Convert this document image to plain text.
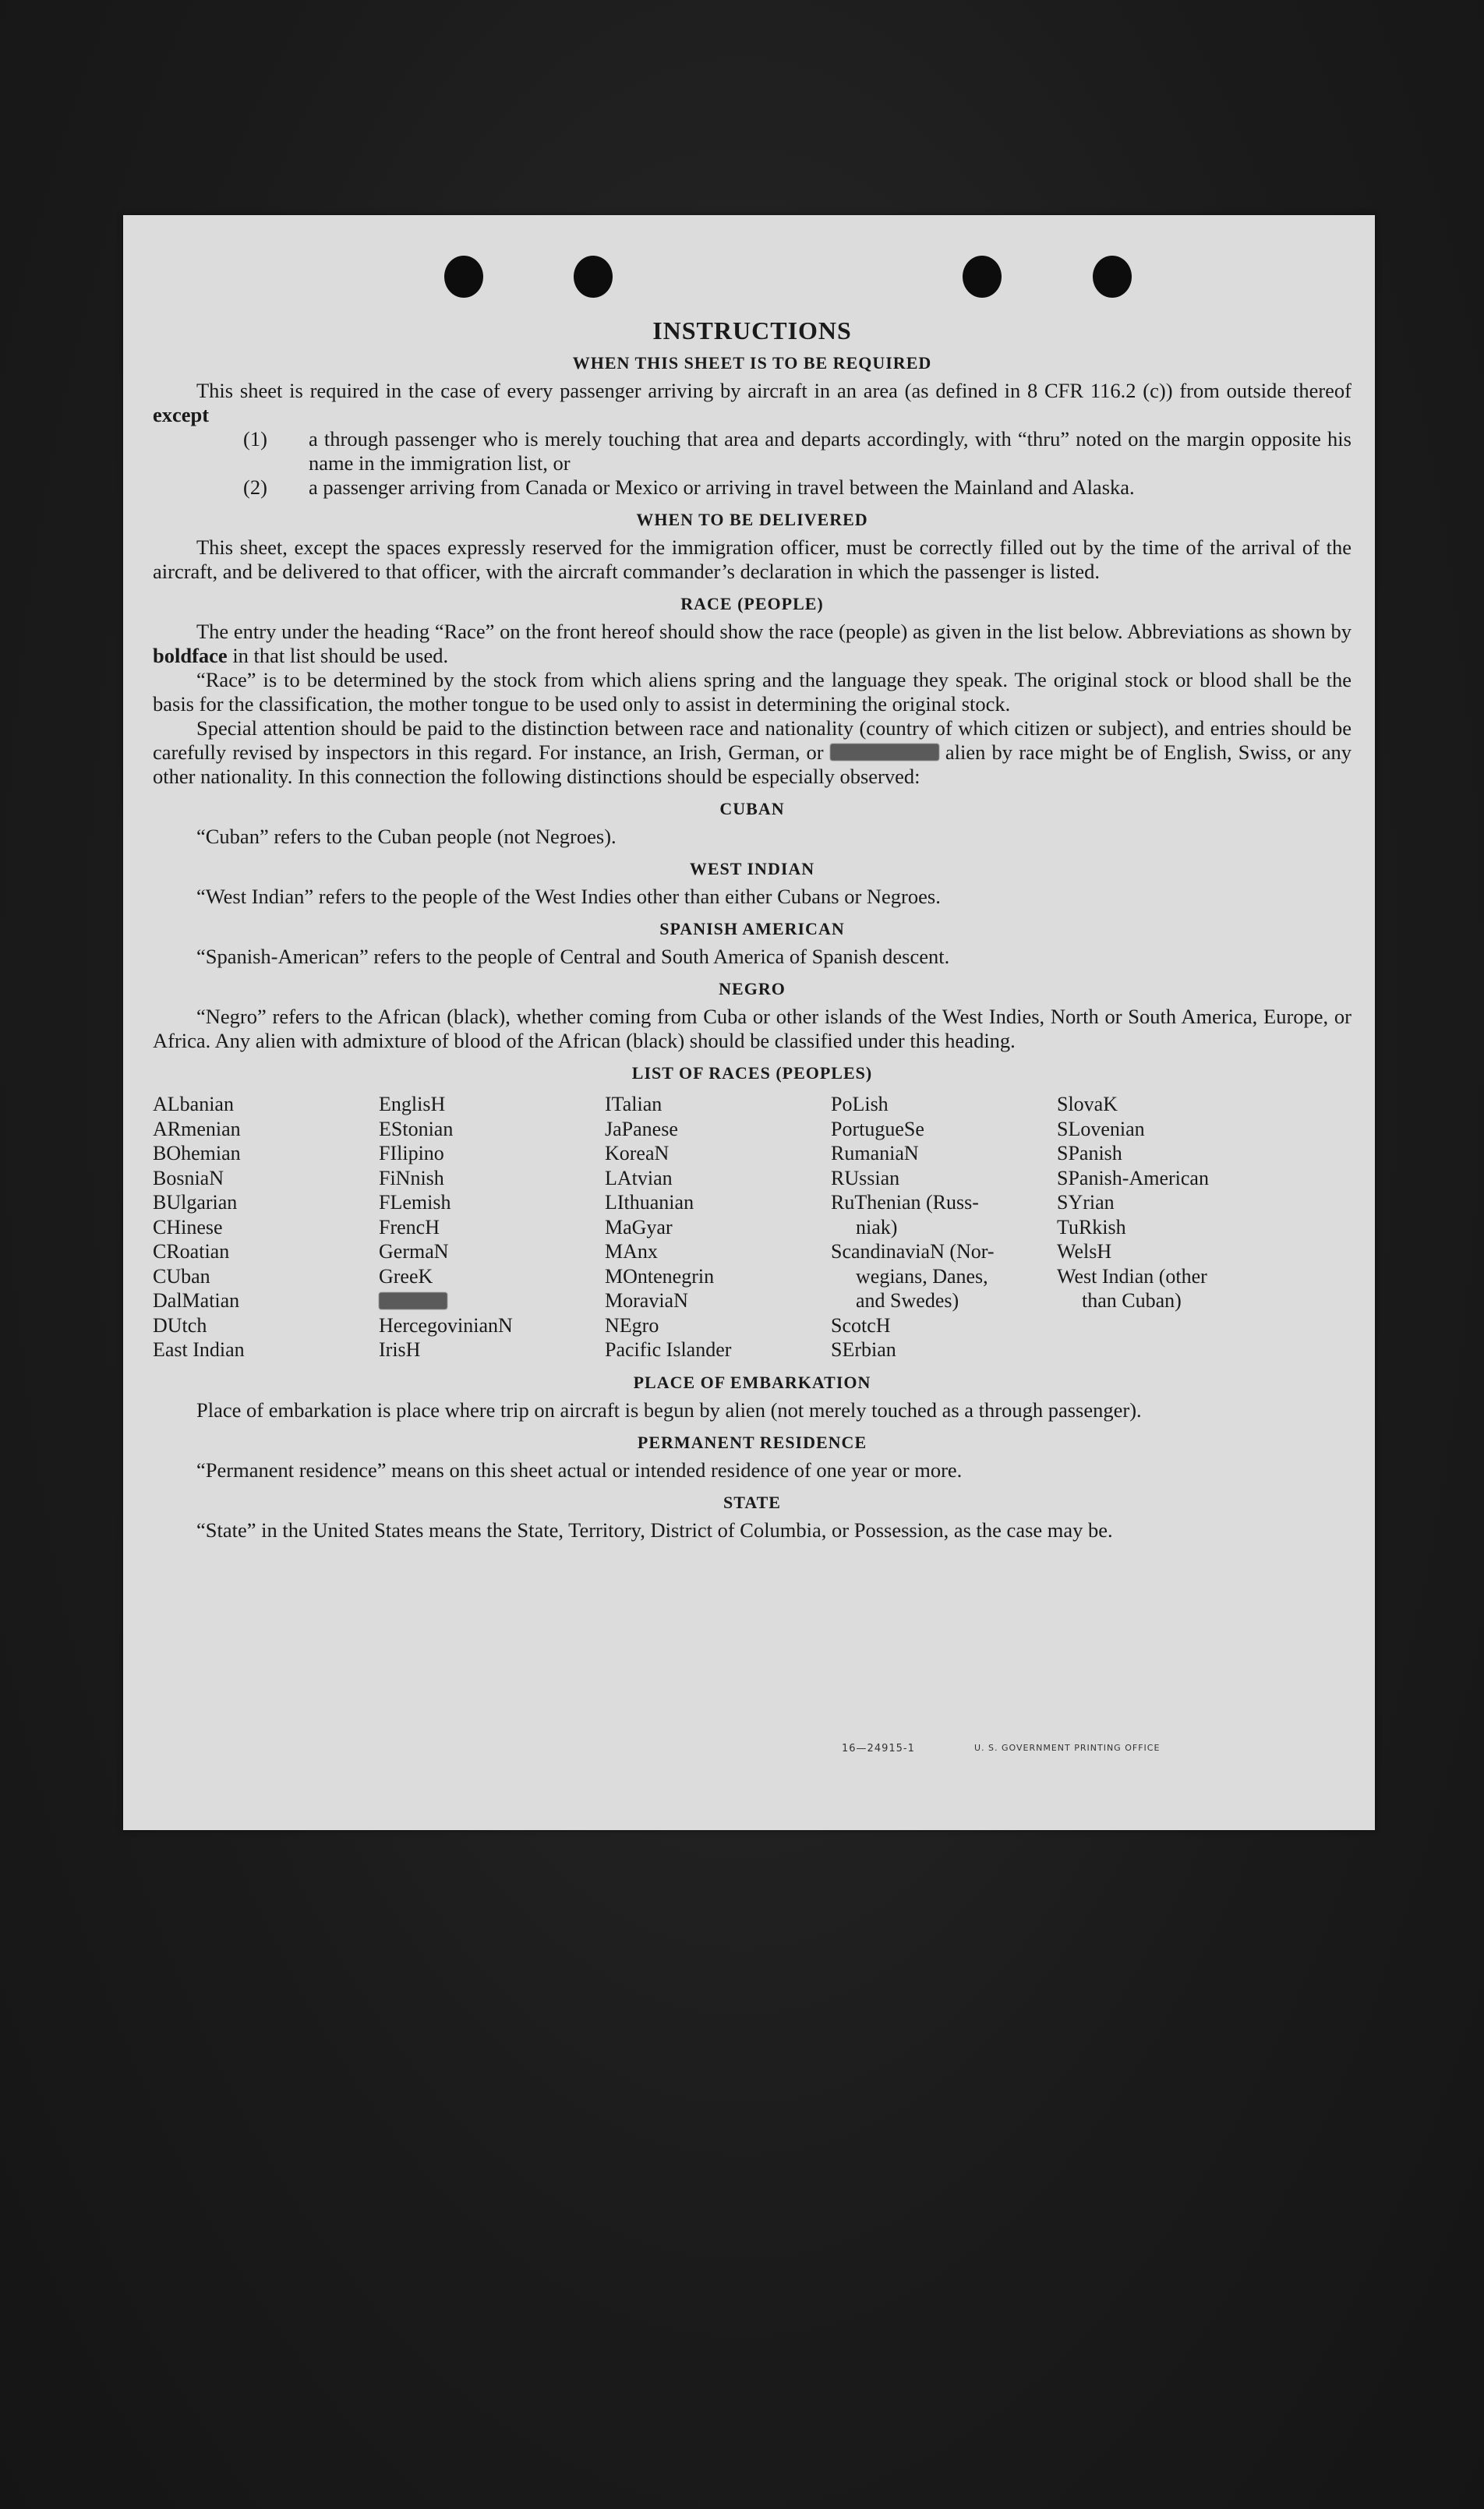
INSTRUCTIONS
WHEN THIS SHEET IS TO BE REQUIRED

This sheet is required in the case of every passenger arriving by aircraft in an area (as defined in 8 CFR 116.2 (c)) from outside thereof except

(1) a through passenger who is merely touching that area and departs accordingly, with “thru” noted on the margin opposite his name in the immigration list, or
(2) a passenger arriving from Canada or Mexico or arriving in travel between the Mainland and Alaska.
WHEN TO BE DELIVERED

This sheet, except the spaces expressly reserved for the immigration officer, must be correctly filled out by the time of the arrival of the aircraft, and be delivered to that officer, with the aircraft commander’s declaration in which the passenger is listed.

RACE (PEOPLE)

The entry under the heading “Race” on the front hereof should show the race (people) as given in the list below. Abbreviations as shown by boldface in that list should be used.

“Race” is to be determined by the stock from which aliens spring and the language they speak. The original stock or blood shall be the basis for the classification, the mother tongue to be used only to assist in determining the original stock.

Special attention should be paid to the distinction between race and nationality (country of which citizen or subject), and entries should be carefully revised by inspectors in this regard. For instance, an Irish, German, or Hebrew alien by race might be of English, Swiss, or any other nationality. In this connection the following distinctions should be especially observed:

CUBAN

“Cuban” refers to the Cuban people (not Negroes).

WEST INDIAN

“West Indian” refers to the people of the West Indies other than either Cubans or Negroes.

SPANISH AMERICAN

“Spanish-American” refers to the people of Central and South America of Spanish descent.

NEGRO

“Negro” refers to the African (black), whether coming from Cuba or other islands of the West Indies, North or South America, Europe, or Africa. Any alien with admixture of blood of the African (black) should be classified under this heading.

LIST OF RACES (PEOPLES)
ALbanian
ARmenian
BOhemian
BosniaN
BUlgarian
CHinese
CRoatian
CUban
DalMatian
DUtch
East Indian
EnglisH
EStonian
FIlipino
FiNnish
FLemish
FrencH
GermaN
GreeK
HebreW
HercegovinianN
IrisH
ITalian
JaPanese
KoreaN
LAtvian
LIthuanian
MaGyar
MAnx
MOntenegrin
MoraviaN
NEgro
Pacific Islander
PoLish
PortugueSe
RumaniaN
RUssian
RuThenian (Russ-
niak)
ScandinaviaN (Nor-
wegians, Danes,
and Swedes)
ScotcH
SErbian
SlovaK
SLovenian
SPanish
SPanish-American
SYrian
TuRkish
WelsH
West Indian (other
than Cuban)
PLACE OF EMBARKATION

Place of embarkation is place where trip on aircraft is begun by alien (not merely touched as a through passenger).

PERMANENT RESIDENCE

“Permanent residence” means on this sheet actual or intended residence of one year or more.

STATE

“State” in the United States means the State, Territory, District of Columbia, or Possession, as the case may be.

16—24915-1	U. S. GOVERNMENT PRINTING OFFICE
